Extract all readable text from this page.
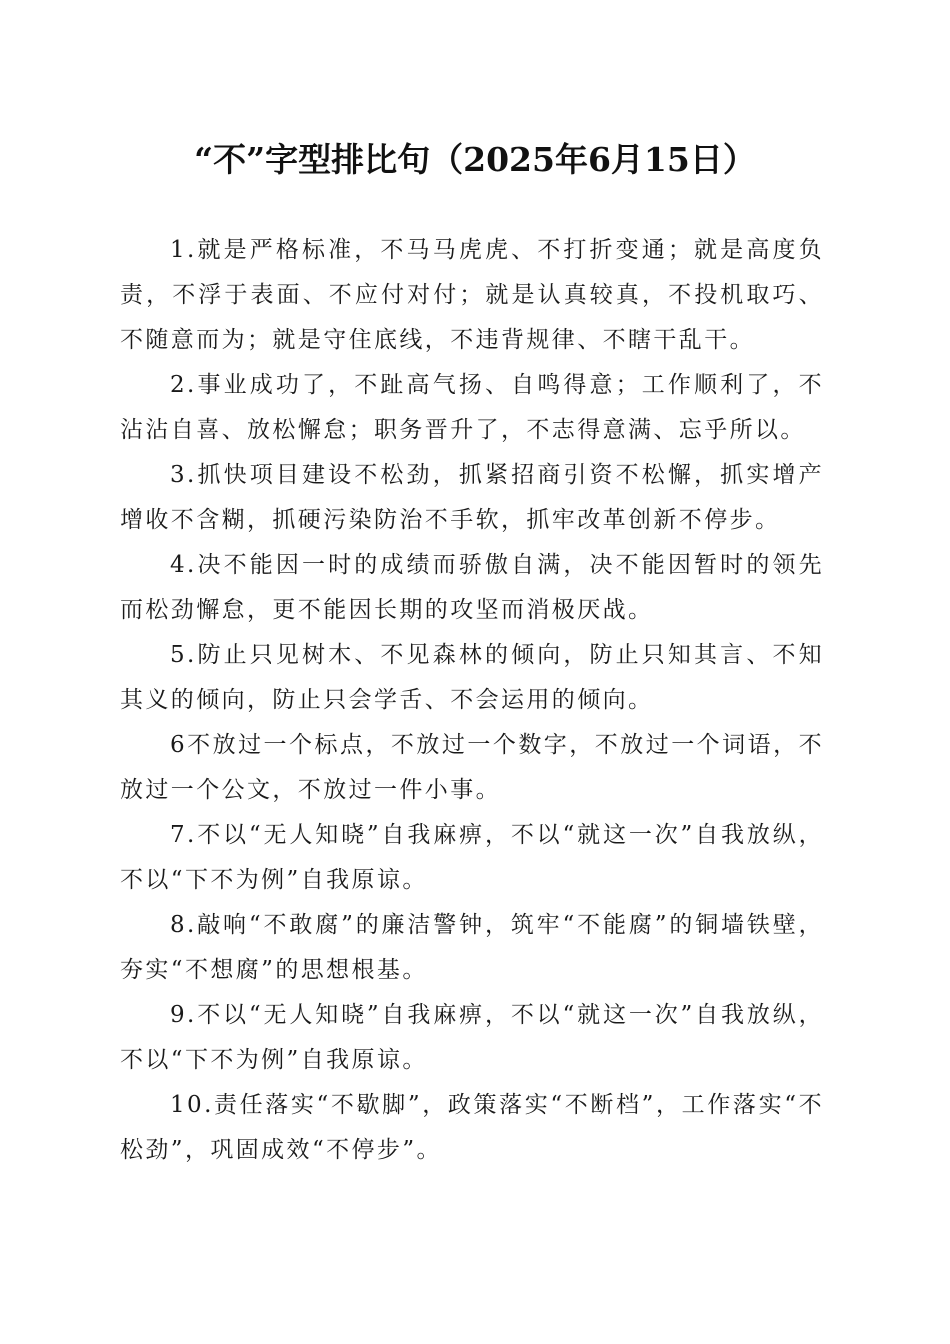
“不”字型排比句（2025年6月15日）

1.就是严格标准，不马马虎虎、不打折变通；就是高度负责，不浮于表面、不应付对付；就是认真较真，不投机取巧、不随意而为；就是守住底线，不违背规律、不瞎干乱干。

2.事业成功了，不趾高气扬、自鸣得意；工作顺利了，不沾沾自喜、放松懈怠；职务晋升了，不志得意满、忘乎所以。

3.抓快项目建设不松劲，抓紧招商引资不松懈，抓实增产增收不含糊，抓硬污染防治不手软，抓牢改革创新不停步。

4.决不能因一时的成绩而骄傲自满，决不能因暂时的领先而松劲懈怠，更不能因长期的攻坚而消极厌战。

5.防止只见树木、不见森林的倾向，防止只知其言、不知其义的倾向，防止只会学舌、不会运用的倾向。

6不放过一个标点，不放过一个数字，不放过一个词语，不放过一个公文，不放过一件小事。

7.不以“无人知晓”自我麻痹，不以“就这一次”自我放纵，不以“下不为例”自我原谅。

8.敲响“不敢腐”的廉洁警钟，筑牢“不能腐”的铜墙铁壁，夯实“不想腐”的思想根基。

9.不以“无人知晓”自我麻痹，不以“就这一次”自我放纵，不以“下不为例”自我原谅。

10.责任落实“不歇脚”，政策落实“不断档”，工作落实“不松劲”，巩固成效“不停步”。
